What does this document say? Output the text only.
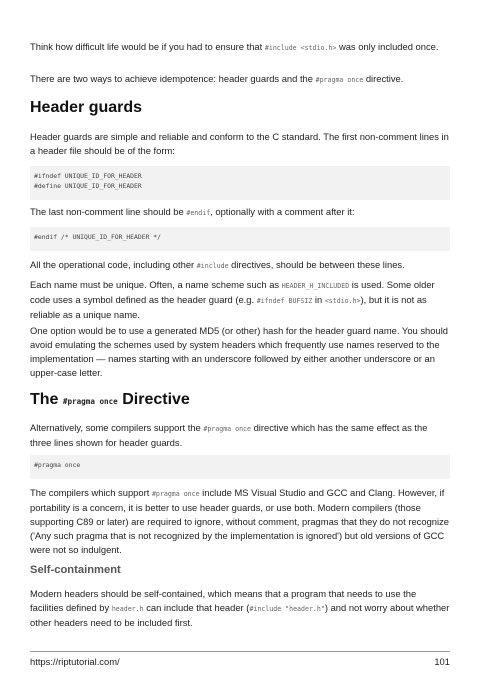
Think how difficult life would be if you had to ensure that #include <stdio.h> was only included once.

There are two ways to achieve idempotence: header guards and the #pragma once directive.

Header guards

Header guards are simple and reliable and conform to the C standard. The first non-comment lines in a header file should be of the form:

#ifndef UNIQUE_ID_FOR_HEADER
#define UNIQUE_ID_FOR_HEADER

The last non-comment line should be #endif, optionally with a comment after it:

#endif /* UNIQUE_ID_FOR_HEADER */

All the operational code, including other #include directives, should be between these lines.

Each name must be unique. Often, a name scheme such as HEADER_H_INCLUDED is used. Some older code uses a symbol defined as the header guard (e.g. #ifndef BUFSIZ in <stdio.h>), but it is not as reliable as a unique name.

One option would be to use a generated MD5 (or other) hash for the header guard name. You should avoid emulating the schemes used by system headers which frequently use names reserved to the implementation — names starting with an underscore followed by either another underscore or an upper-case letter.

The #pragma once Directive

Alternatively, some compilers support the #pragma once directive which has the same effect as the three lines shown for header guards.

#pragma once

The compilers which support #pragma once include MS Visual Studio and GCC and Clang. However, if portability is a concern, it is better to use header guards, or use both. Modern compilers (those supporting C89 or later) are required to ignore, without comment, pragmas that they do not recognize ('Any such pragma that is not recognized by the implementation is ignored') but old versions of GCC were not so indulgent.

Self-containment

Modern headers should be self-contained, which means that a program that needs to use the facilities defined by header.h can include that header (#include "header.h") and not worry about whether other headers need to be included first.

https://riptutorial.com/	101
